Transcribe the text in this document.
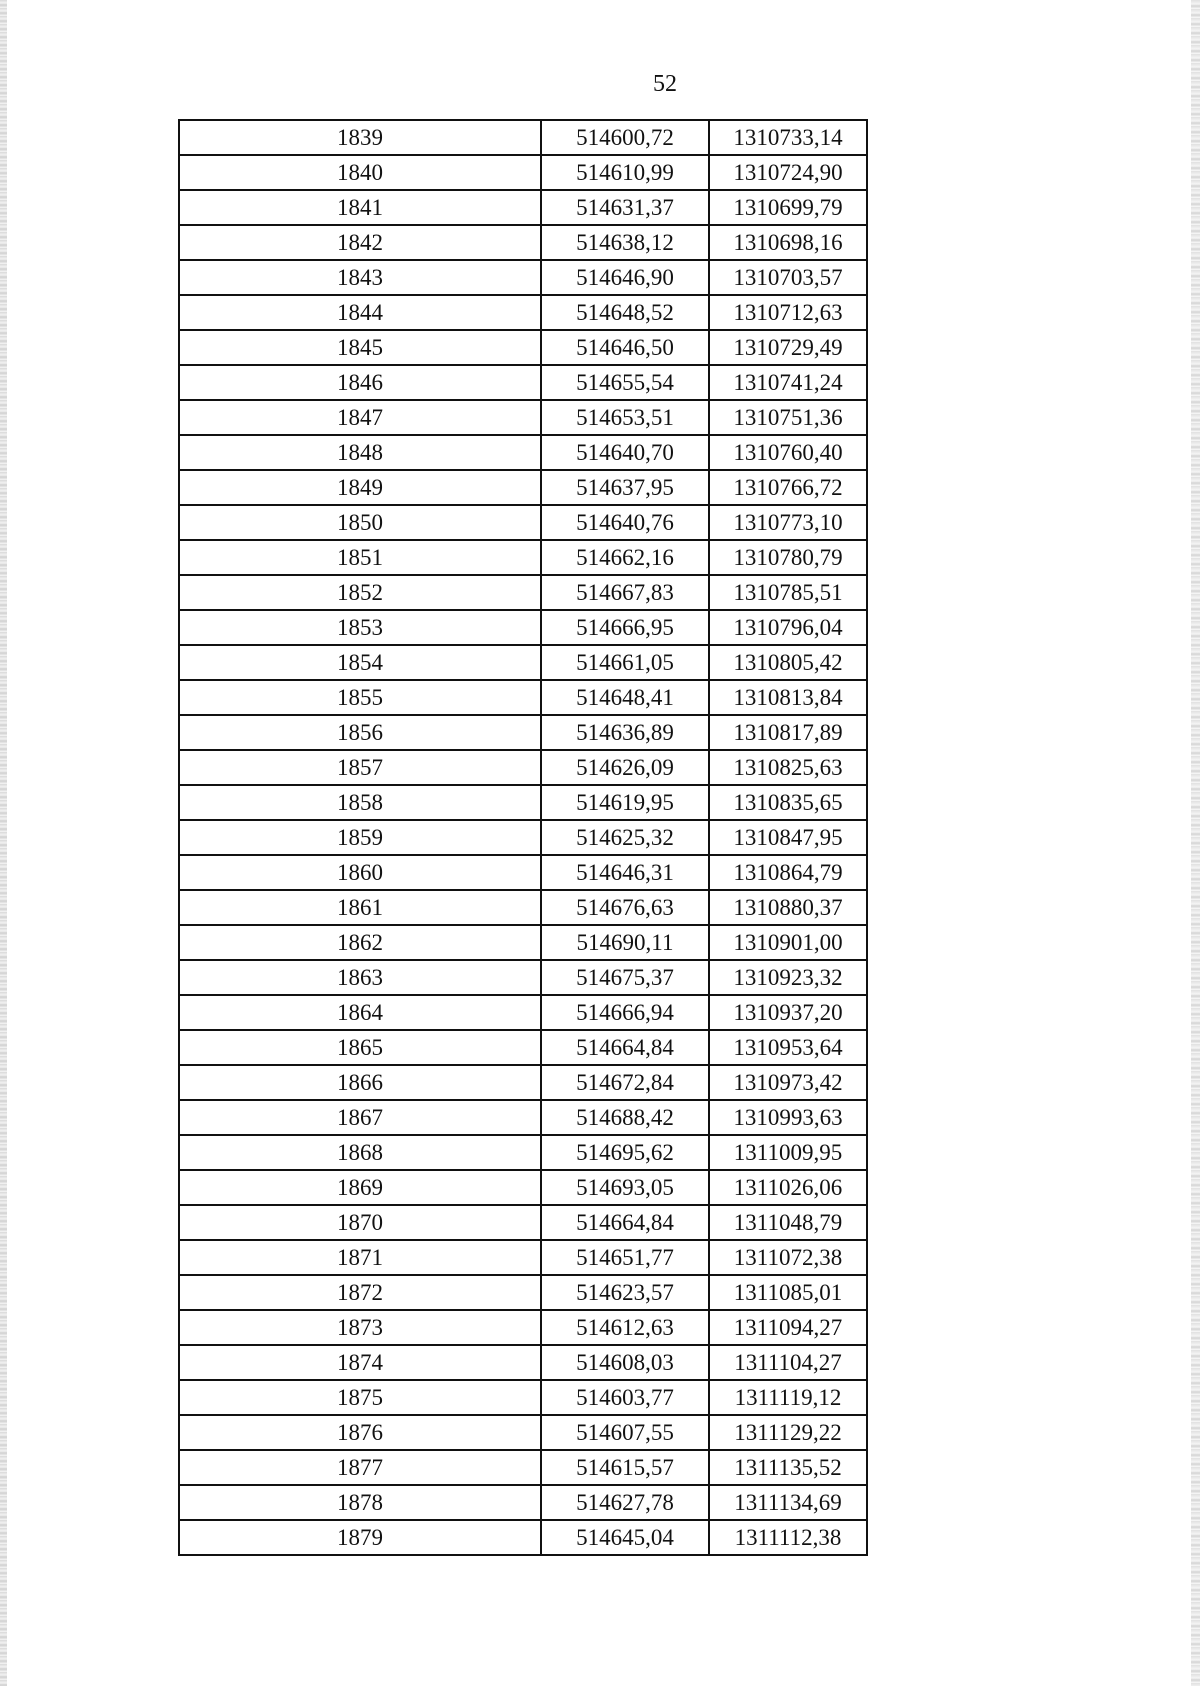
52
1839	514600,72	1310733,14
1840	514610,99	1310724,90
1841	514631,37	1310699,79
1842	514638,12	1310698,16
1843	514646,90	1310703,57
1844	514648,52	1310712,63
1845	514646,50	1310729,49
1846	514655,54	1310741,24
1847	514653,51	1310751,36
1848	514640,70	1310760,40
1849	514637,95	1310766,72
1850	514640,76	1310773,10
1851	514662,16	1310780,79
1852	514667,83	1310785,51
1853	514666,95	1310796,04
1854	514661,05	1310805,42
1855	514648,41	1310813,84
1856	514636,89	1310817,89
1857	514626,09	1310825,63
1858	514619,95	1310835,65
1859	514625,32	1310847,95
1860	514646,31	1310864,79
1861	514676,63	1310880,37
1862	514690,11	1310901,00
1863	514675,37	1310923,32
1864	514666,94	1310937,20
1865	514664,84	1310953,64
1866	514672,84	1310973,42
1867	514688,42	1310993,63
1868	514695,62	1311009,95
1869	514693,05	1311026,06
1870	514664,84	1311048,79
1871	514651,77	1311072,38
1872	514623,57	1311085,01
1873	514612,63	1311094,27
1874	514608,03	1311104,27
1875	514603,77	1311119,12
1876	514607,55	1311129,22
1877	514615,57	1311135,52
1878	514627,78	1311134,69
1879	514645,04	1311112,38
